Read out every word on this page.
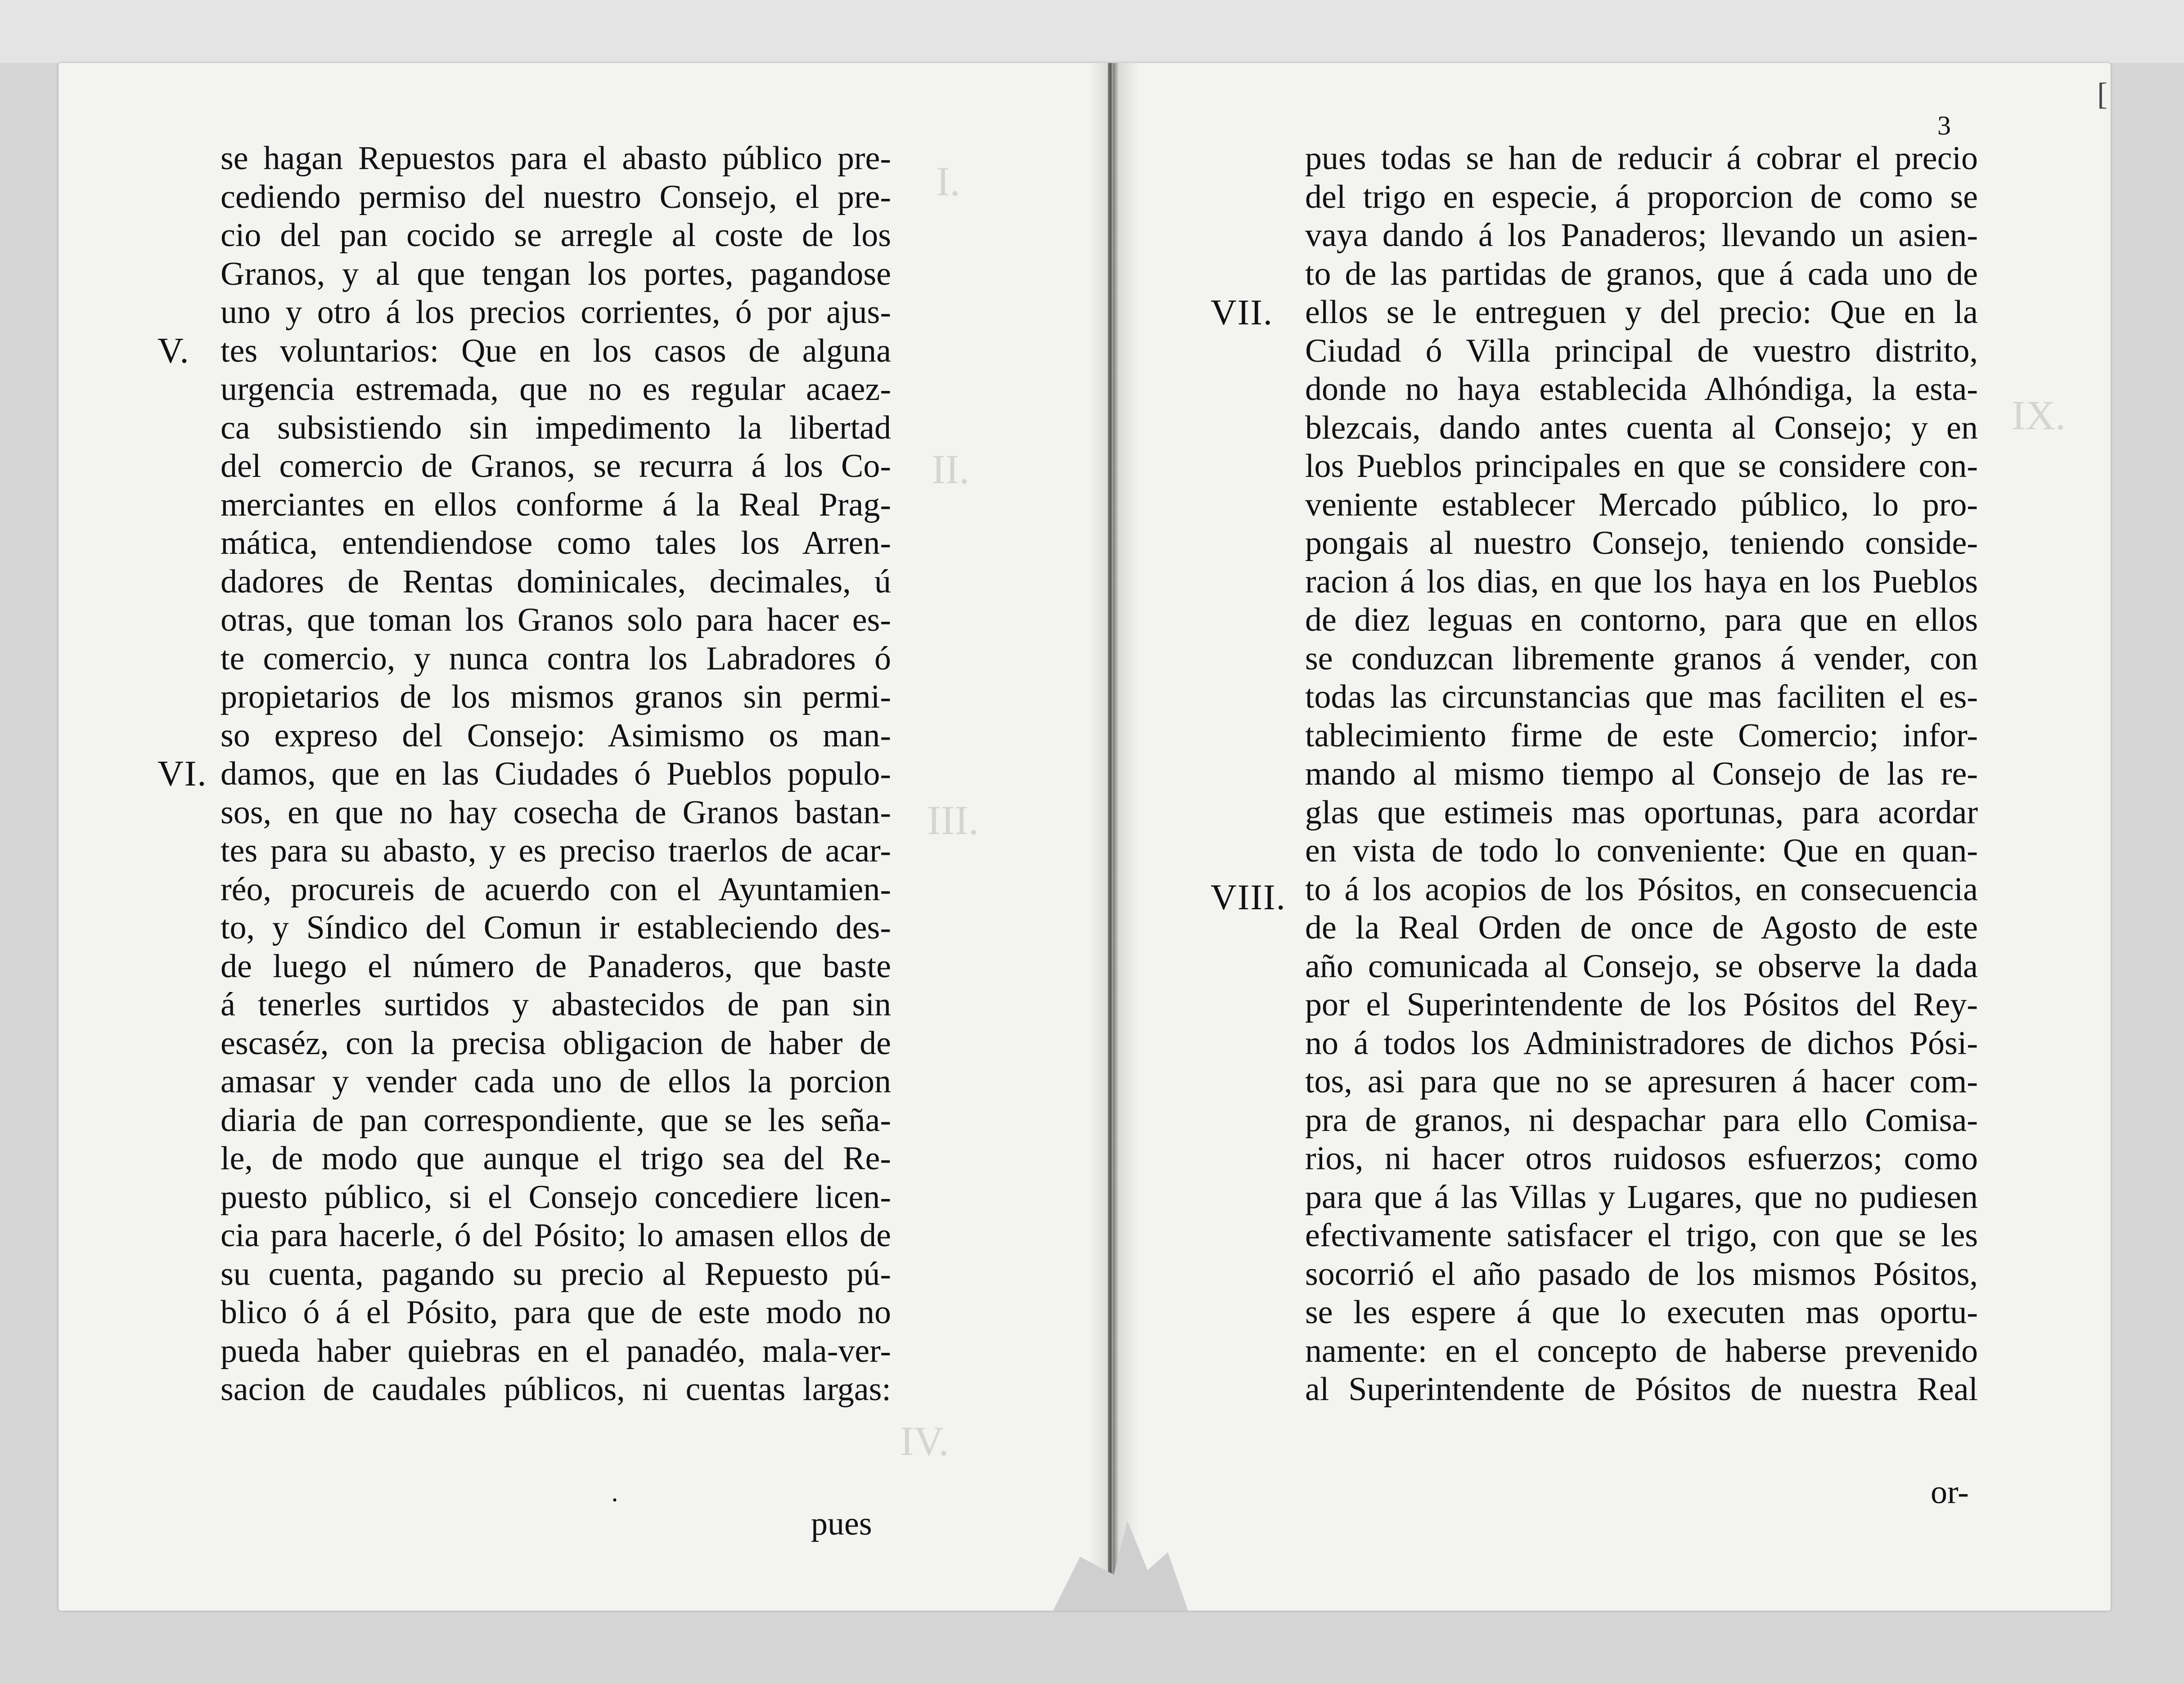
I.
II.
III.
IV.
IX.
se hagan Repuestos para el abasto público pre-
cediendo permiso del nuestro Consejo, el pre-
cio del pan cocido se arregle al coste de los
Granos, y al que tengan los portes, pagandose
uno y otro á los precios corrientes, ó por ajus-
tes voluntarios: Que en los casos de alguna
urgencia estremada, que no es regular acaez-
ca subsistiendo sin impedimento la libertad
del comercio de Granos, se recurra á los Co-
merciantes en ellos conforme á la Real Prag-
mática, entendiendose como tales los Arren-
dadores de Rentas dominicales, decimales, ú
otras, que toman los Granos solo para hacer es-
te comercio, y nunca contra los Labradores ó
propietarios de los mismos granos sin permi-
so expreso del Consejo: Asimismo os man-
damos, que en las Ciudades ó Pueblos populo-
sos, en que no hay cosecha de Granos bastan-
tes para su abasto, y es preciso traerlos de acar-
réo, procureis de acuerdo con el Ayuntamien-
to, y Síndico del Comun ir estableciendo des-
de luego el número de Panaderos, que baste
á tenerles surtidos y abastecidos de pan sin
escaséz, con la precisa obligacion de haber de
amasar y vender cada uno de ellos la porcion
diaria de pan correspondiente, que se les seña-
le, de modo que aunque el trigo sea del Re-
puesto público, si el Consejo concediere licen-
cia para hacerle, ó del Pósito; lo amasen ellos de
su cuenta, pagando su precio al Repuesto pú-
blico ó á el Pósito, para que de este modo no
pueda haber quiebras en el panadéo, mala-ver-
sacion de caudales públicos, ni cuentas largas:
V.
VI.
·
pues
3
[
pues todas se han de reducir á cobrar el precio
del trigo en especie, á proporcion de como se
vaya dando á los Panaderos; llevando un asien-
to de las partidas de granos, que á cada uno de
ellos se le entreguen y del precio: Que en la
Ciudad ó Villa principal de vuestro distrito,
donde no haya establecida Alhóndiga, la esta-
blezcais, dando antes cuenta al Consejo; y en
los Pueblos principales en que se considere con-
veniente establecer Mercado público, lo pro-
pongais al nuestro Consejo, teniendo conside-
racion á los dias, en que los haya en los Pueblos
de diez leguas en contorno, para que en ellos
se conduzcan libremente granos á vender, con
todas las circunstancias que mas faciliten el es-
tablecimiento firme de este Comercio; infor-
mando al mismo tiempo al Consejo de las re-
glas que estimeis mas oportunas, para acordar
en vista de todo lo conveniente: Que en quan-
to á los acopios de los Pósitos, en consecuencia
de la Real Orden de once de Agosto de este
año comunicada al Consejo, se observe la dada
por el Superintendente de los Pósitos del Rey-
no á todos los Administradores de dichos Pósi-
tos, asi para que no se apresuren á hacer com-
pra de granos, ni despachar para ello Comisa-
rios, ni hacer otros ruidosos esfuerzos; como
para que á las Villas y Lugares, que no pudiesen
efectivamente satisfacer el trigo, con que se les
socorrió el año pasado de los mismos Pósitos,
se les espere á que lo executen mas oportu-
namente: en el concepto de haberse prevenido
al Superintendente de Pósitos de nuestra Real
VII.
VIII.
or-
